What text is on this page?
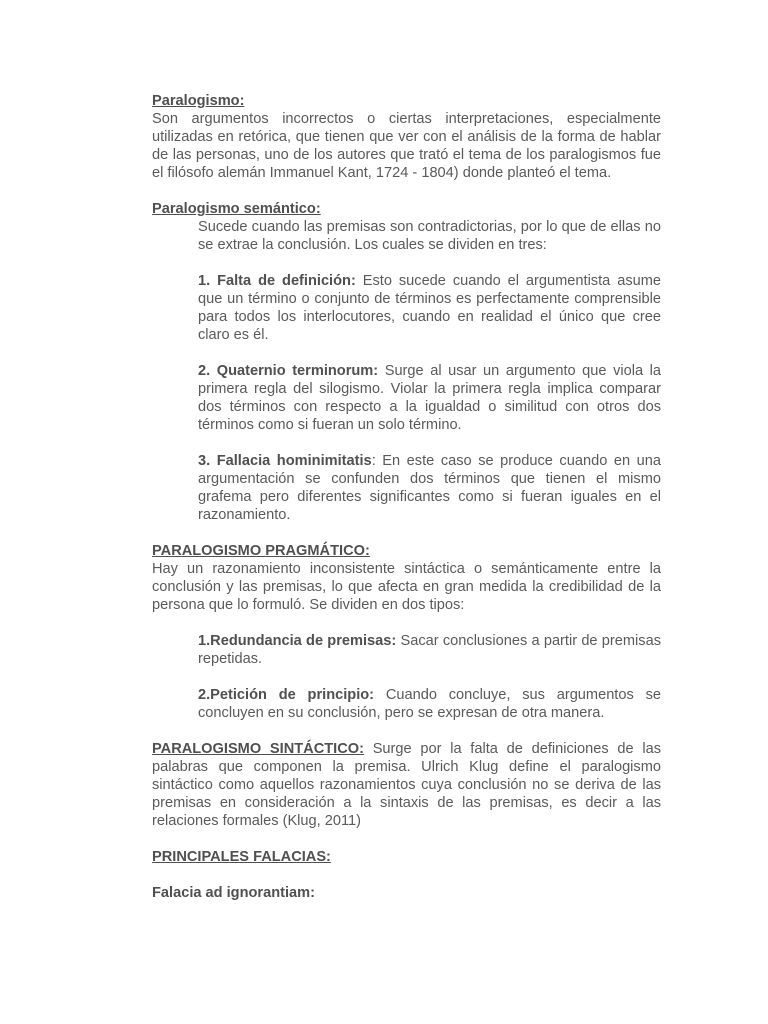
Paralogismo:

Son argumentos incorrectos o ciertas interpretaciones, especialmente utilizadas en retórica, que tienen que ver con el análisis de la forma de hablar de las personas, uno de los autores que trató el tema de los paralogismos fue el filósofo alemán Immanuel Kant, 1724 - 1804) donde planteó el tema.

Paralogismo semántico:

Sucede cuando las premisas son contradictorias, por lo que de ellas no se extrae la conclusión. Los cuales se dividen en tres:

1. Falta de definición: Esto sucede cuando el argumentista asume que un término o conjunto de términos es perfectamente comprensible para todos los interlocutores, cuando en realidad el único que cree claro es él.

2. Quaternio terminorum: Surge al usar un argumento que viola la primera regla del silogismo. Violar la primera regla implica comparar dos términos con respecto a la igualdad o similitud con otros dos términos como si fueran un solo término.

3. Fallacia hominimitatis: En este caso se produce cuando en una argumentación se confunden dos términos que tienen el mismo grafema pero diferentes significantes como si fueran iguales en el razonamiento.

PARALOGISMO PRAGMÁTICO:

Hay un razonamiento inconsistente sintáctica o semánticamente entre la conclusión y las premisas, lo que afecta en gran medida la credibilidad de la persona que lo formuló. Se dividen en dos tipos:

1.Redundancia de premisas: Sacar conclusiones a partir de premisas repetidas.

2.Petición de principio: Cuando concluye, sus argumentos se concluyen en su conclusión, pero se expresan de otra manera.

PARALOGISMO SINTÁCTICO: Surge por la falta de definiciones de las palabras que componen la premisa. Ulrich Klug define el paralogismo sintáctico como aquellos razonamientos cuya conclusión no se deriva de las premisas en consideración a la sintaxis de las premisas, es decir a las relaciones formales (Klug, 2011)

PRINCIPALES FALACIAS:

Falacia ad ignorantiam:
